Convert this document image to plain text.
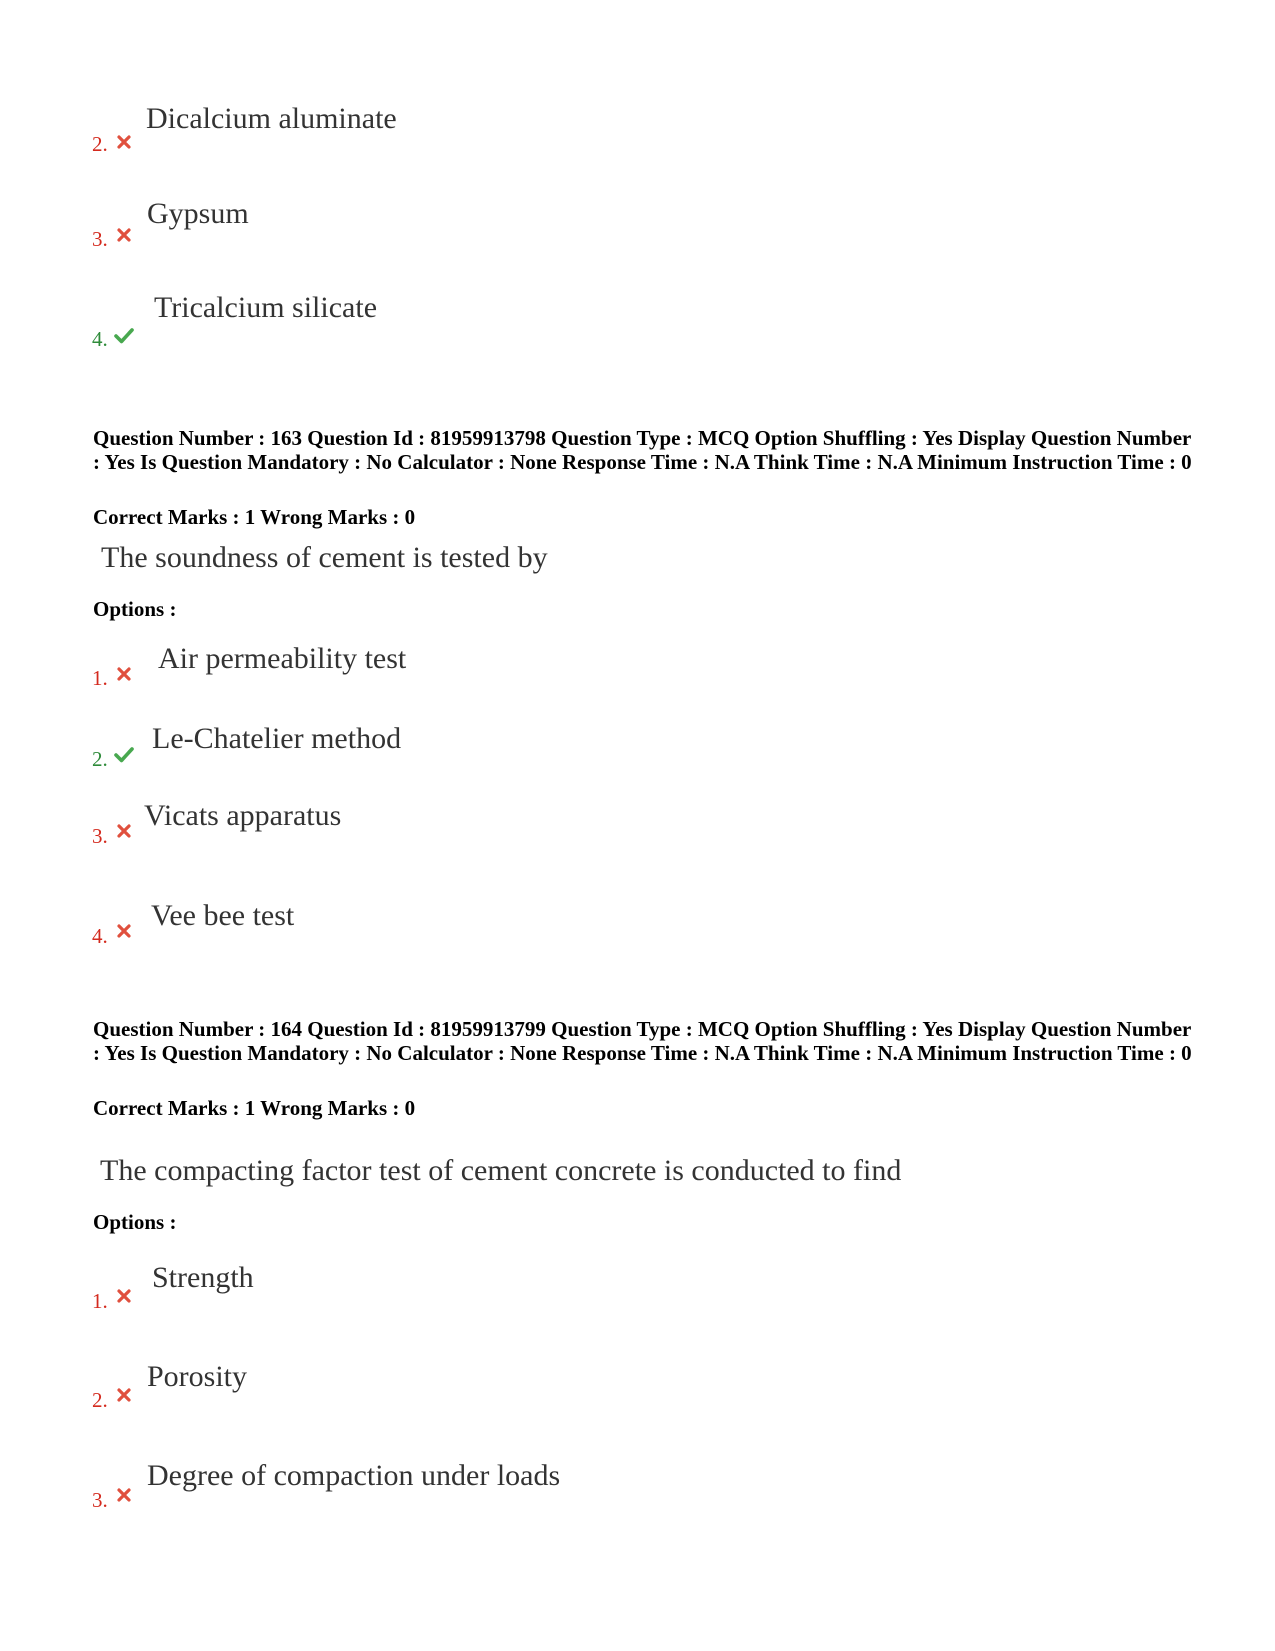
2.
Dicalcium aluminate
3.
Gypsum
4.
Tricalcium silicate
Question Number : 163 Question Id : 81959913798 Question Type : MCQ Option Shuffling : Yes Display Question Number : Yes Is Question Mandatory : No Calculator : None Response Time : N.A Think Time : N.A Minimum Instruction Time : 0
Correct Marks : 1 Wrong Marks : 0
The soundness of cement is tested by
Options :
1.
Air permeability test
2.
Le-Chatelier method
3.
Vicats apparatus
4.
Vee bee test
Question Number : 164 Question Id : 81959913799 Question Type : MCQ Option Shuffling : Yes Display Question Number : Yes Is Question Mandatory : No Calculator : None Response Time : N.A Think Time : N.A Minimum Instruction Time : 0
Correct Marks : 1 Wrong Marks : 0
The compacting factor test of cement concrete is conducted to find
Options :
1.
Strength
2.
Porosity
3.
Degree of compaction under loads
